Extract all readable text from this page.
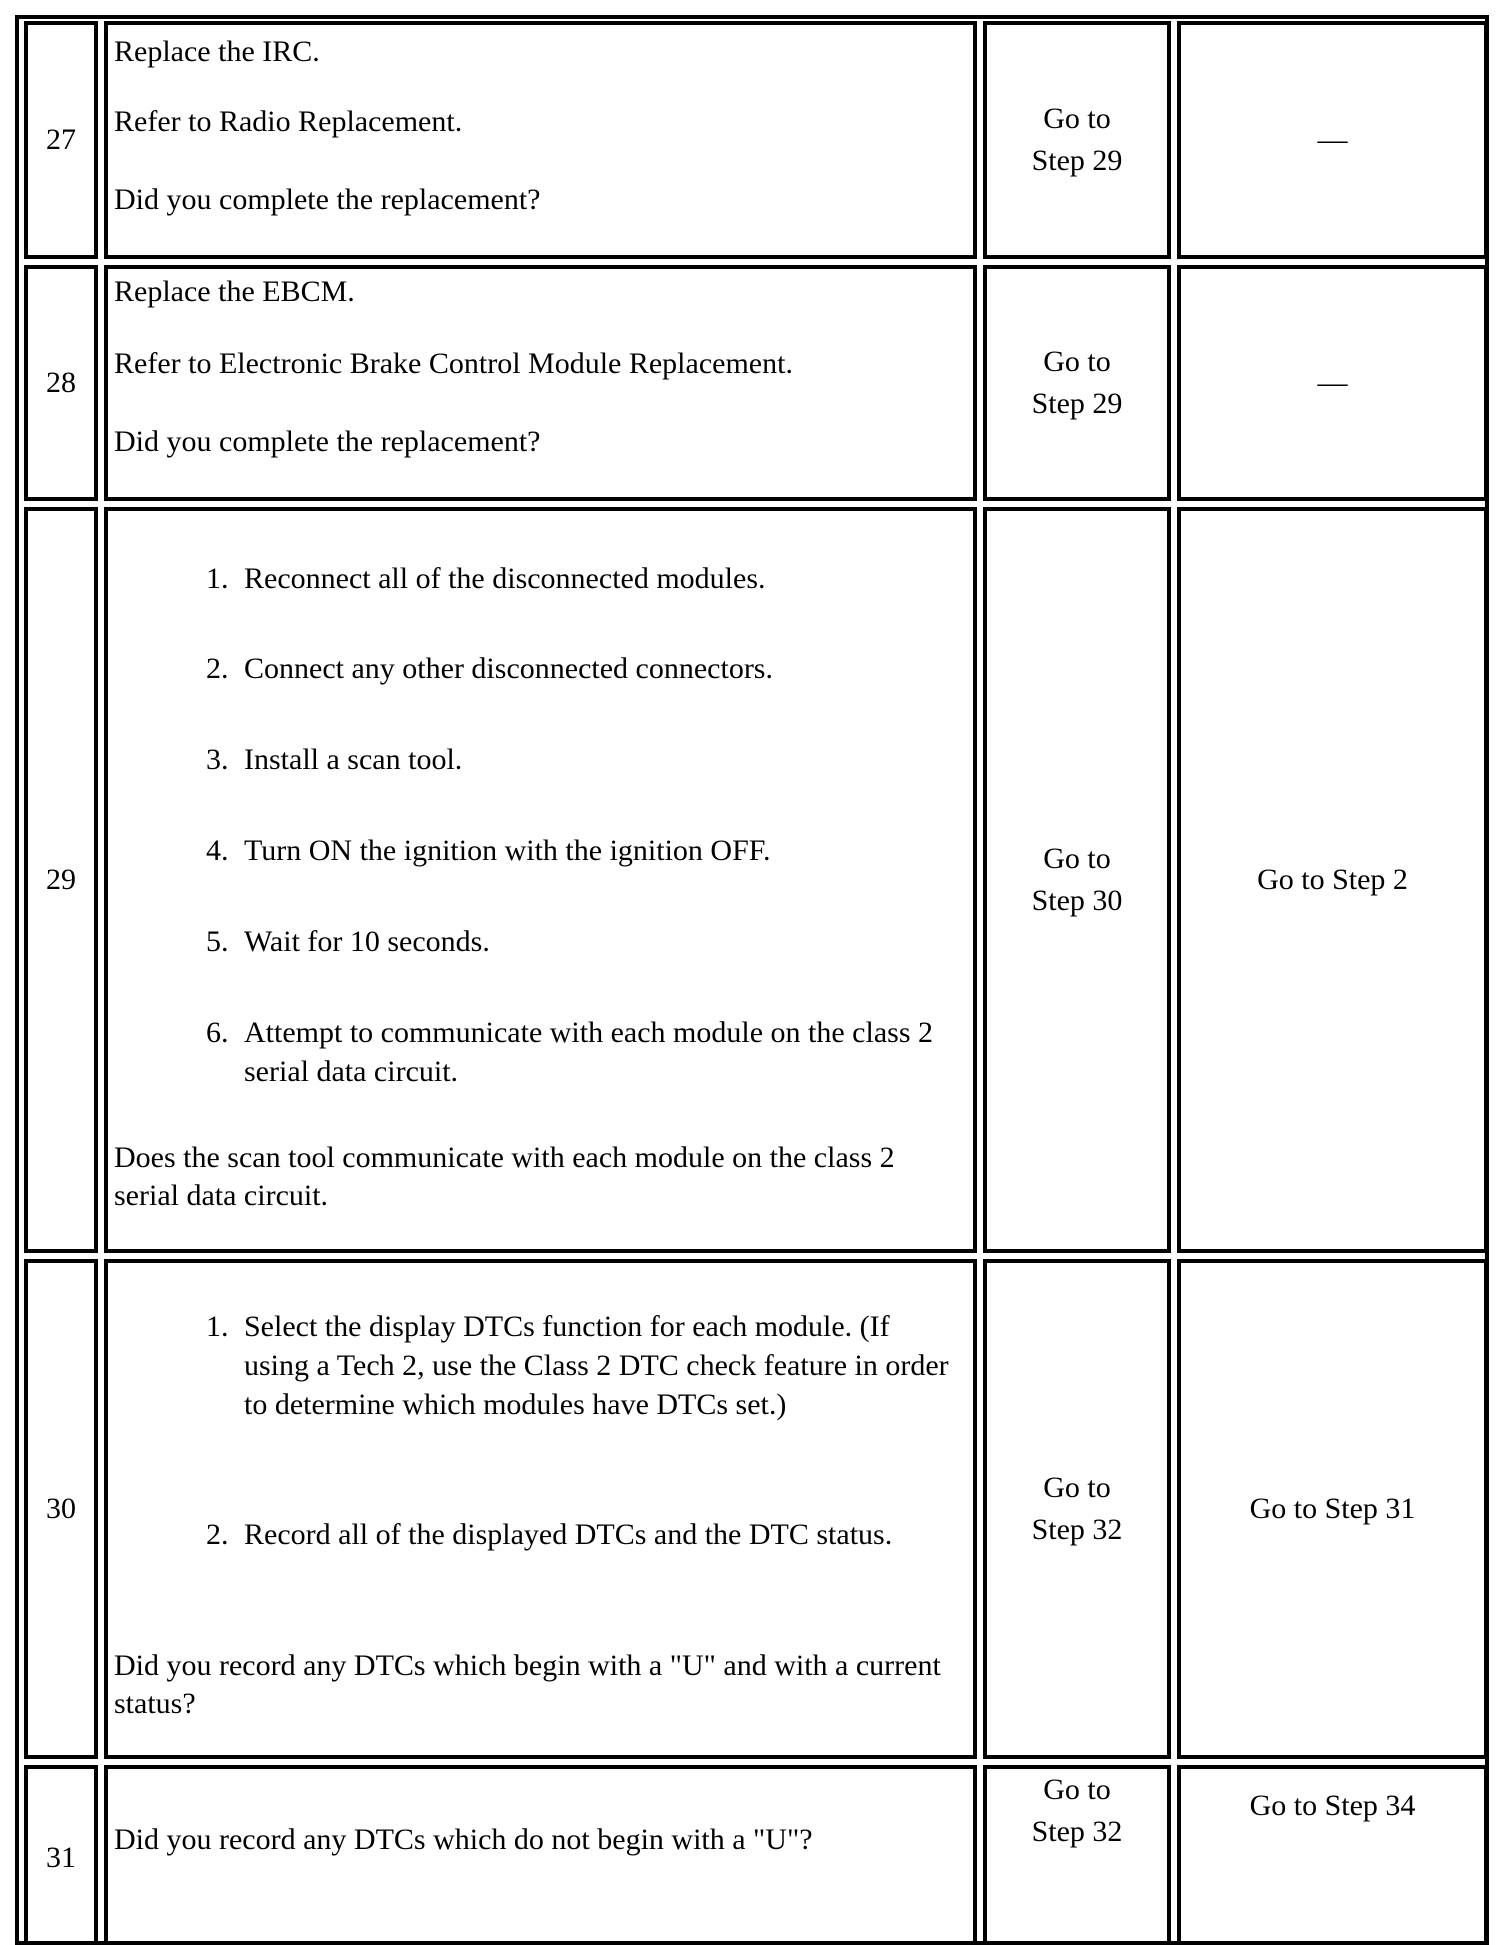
27

Replace the IRC.

Refer to Radio Replacement.

Did you complete the replacement?

Go to
Step 29
—
28

Replace the EBCM.

Refer to Electronic Brake Control Module Replacement.

Did you complete the replacement?

Go to
Step 29
—
29
1. Reconnect all of the disconnected modules.
2. Connect any other disconnected connectors.
3. Install a scan tool.
4. Turn ON the ignition with the ignition OFF.
5. Wait for 10 seconds.
6. Attempt to communicate with each module on the class 2 serial data circuit.

Does the scan tool communicate with each module on the class 2 serial data circuit.

Go to
Step 30
Go to Step 2
30
1. Select the display DTCs function for each module. (If using a Tech 2, use the Class 2 DTC check feature in order to determine which modules have DTCs set.)
2. Record all of the displayed DTCs and the DTC status.

Did you record any DTCs which begin with a "U" and with a current status?

Go to
Step 32
Go to Step 31
31

Did you record any DTCs which do not begin with a "U"?

Go to
Step 32
Go to Step 34
